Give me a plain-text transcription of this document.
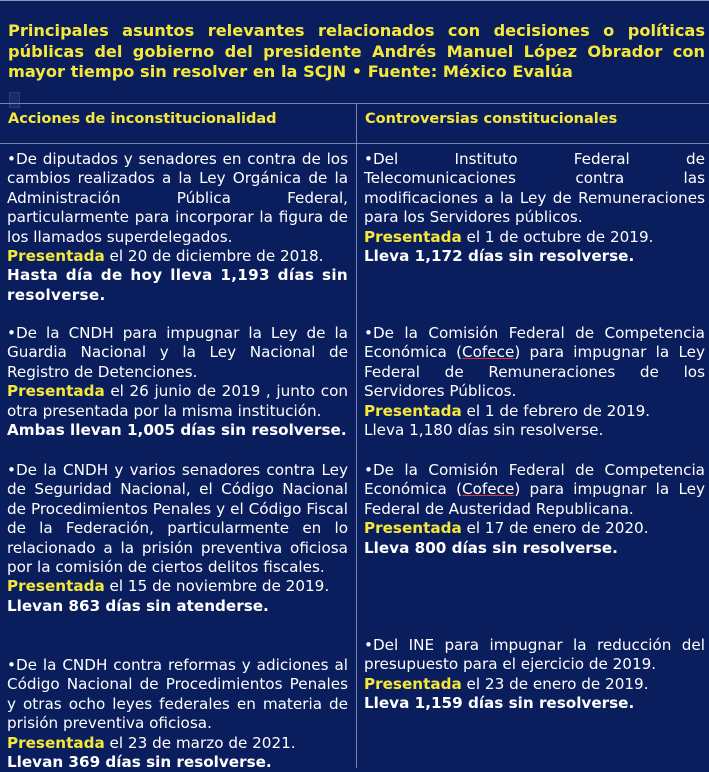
Principales asuntos relevantes relacionados con decisiones o políticas públicas del gobierno del presidente Andrés Manuel López Obrador con mayor tiempo sin resolver en la SCJN • Fuente: México Evalúa

Acciones de inconstitucionalidad	Controversias constitucionales
•De diputados y senadores en contra de los cambios realizados a la Ley Orgánica de la Administración Pública Federal, particularmente para incorporar la figura de los llamados superdelegados.
Presentada el 20 de diciembre de 2018.
Hasta día de hoy lleva 1,193 días sin resolverse.
•De la CNDH para impugnar la Ley de la Guardia Nacional y la Ley Nacional de Registro de Detenciones.
Presentada el 26 junio de 2019 , junto con otra presentada por la misma institución.
Ambas llevan 1,005 días sin resolverse.
•De la CNDH y varios senadores contra Ley de Seguridad Nacional, el Código Nacional de Procedimientos Penales y el Código Fiscal de la Federación, particularmente en lo relacionado a la prisión preventiva oficiosa por la comisión de ciertos delitos fiscales.
Presentada el 15 de noviembre de 2019.
Llevan 863 días sin atenderse.
•De la CNDH contra reformas y adiciones al Código Nacional de Procedimientos Penales y otras ocho leyes federales en materia de prisión preventiva oficiosa.
Presentada el 23 de marzo de 2021.
Llevan 369 días sin resolverse.
•Del Instituto Federal de Telecomunicaciones contra las modificaciones a la Ley de Remuneraciones para los Servidores públicos.
Presentada el 1 de octubre de 2019.
Lleva 1,172 días sin resolverse.
•De la Comisión Federal de Competencia Económica (Cofece) para impugnar la Ley Federal de Remuneraciones de los Servidores Públicos.
Presentada el 1 de febrero de 2019.
Lleva 1,180 días sin resolverse.
•De la Comisión Federal de Competencia Económica (Cofece) para impugnar la Ley Federal de Austeridad Republicana.
Presentada el 17 de enero de 2020.
Lleva 800 días sin resolverse.
•Del INE para impugnar la reducción del presupuesto para el ejercicio de 2019.
Presentada el 23 de enero de 2019.
Lleva 1,159 días sin resolverse.
